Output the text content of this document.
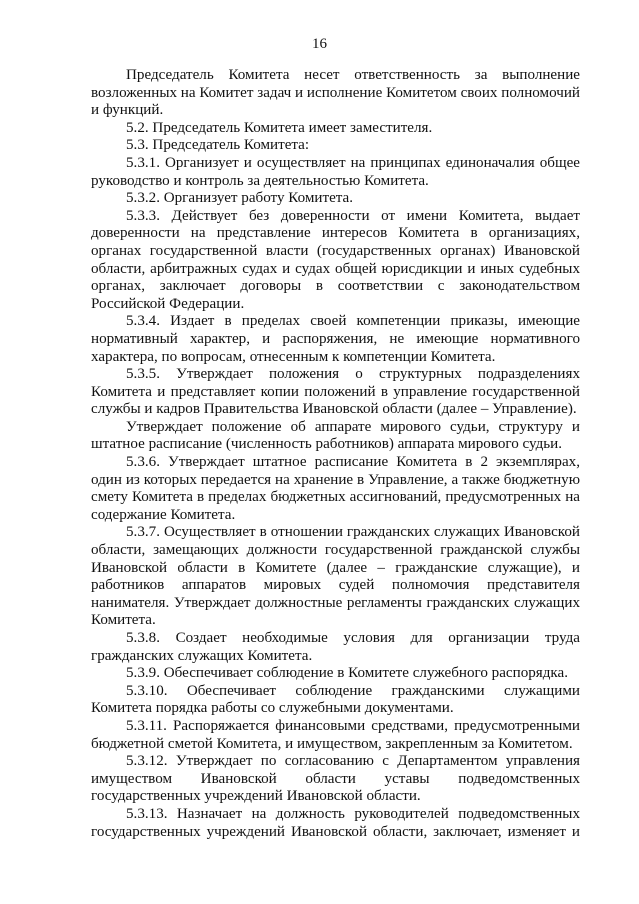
16

Председатель Комитета несет ответственность за выполнение возложенных на Комитет задач и исполнение Комитетом своих полномочий и функций.

5.2. Председатель Комитета имеет заместителя.

5.3. Председатель Комитета:

5.3.1. Организует и осуществляет на принципах единоначалия общее руководство и контроль за деятельностью Комитета.

5.3.2. Организует работу Комитета.

5.3.3. Действует без доверенности от имени Комитета, выдает доверенности на представление интересов Комитета в организациях, органах государственной власти (государственных органах) Ивановской области, арбитражных судах и судах общей юрисдикции и иных судебных органах, заключает договоры в соответствии с законодательством Российской Федерации.

5.3.4. Издает в пределах своей компетенции приказы, имеющие нормативный характер, и распоряжения, не имеющие нормативного характера, по вопросам, отнесенным к компетенции Комитета.

5.3.5. Утверждает положения о структурных подразделениях Комитета и представляет копии положений в управление государственной службы и кадров Правительства Ивановской области (далее – Управление).

Утверждает положение об аппарате мирового судьи, структуру и штатное расписание (численность работников) аппарата мирового судьи.

5.3.6. Утверждает штатное расписание Комитета в 2 экземплярах, один из которых передается на хранение в Управление, а также бюджетную смету Комитета в пределах бюджетных ассигнований, предусмотренных на содержание Комитета.

5.3.7. Осуществляет в отношении гражданских служащих Ивановской области, замещающих должности государственной гражданской службы Ивановской области в Комитете (далее – гражданские служащие), и работников аппаратов мировых судей полномочия представителя нанимателя. Утверждает должностные регламенты гражданских служащих Комитета.

5.3.8. Создает необходимые условия для организации труда гражданских служащих Комитета.

5.3.9. Обеспечивает соблюдение в Комитете служебного распорядка.

5.3.10. Обеспечивает соблюдение гражданскими служащими Комитета порядка работы со служебными документами.

5.3.11. Распоряжается финансовыми средствами, предусмотренными бюджетной сметой Комитета, и имуществом, закрепленным за Комитетом.

5.3.12. Утверждает по согласованию с Департаментом управления имуществом Ивановской области уставы подведомственных государственных учреждений Ивановской области.

5.3.13. Назначает на должность руководителей подведомственных государственных учреждений Ивановской области, заключает, изменяет и
